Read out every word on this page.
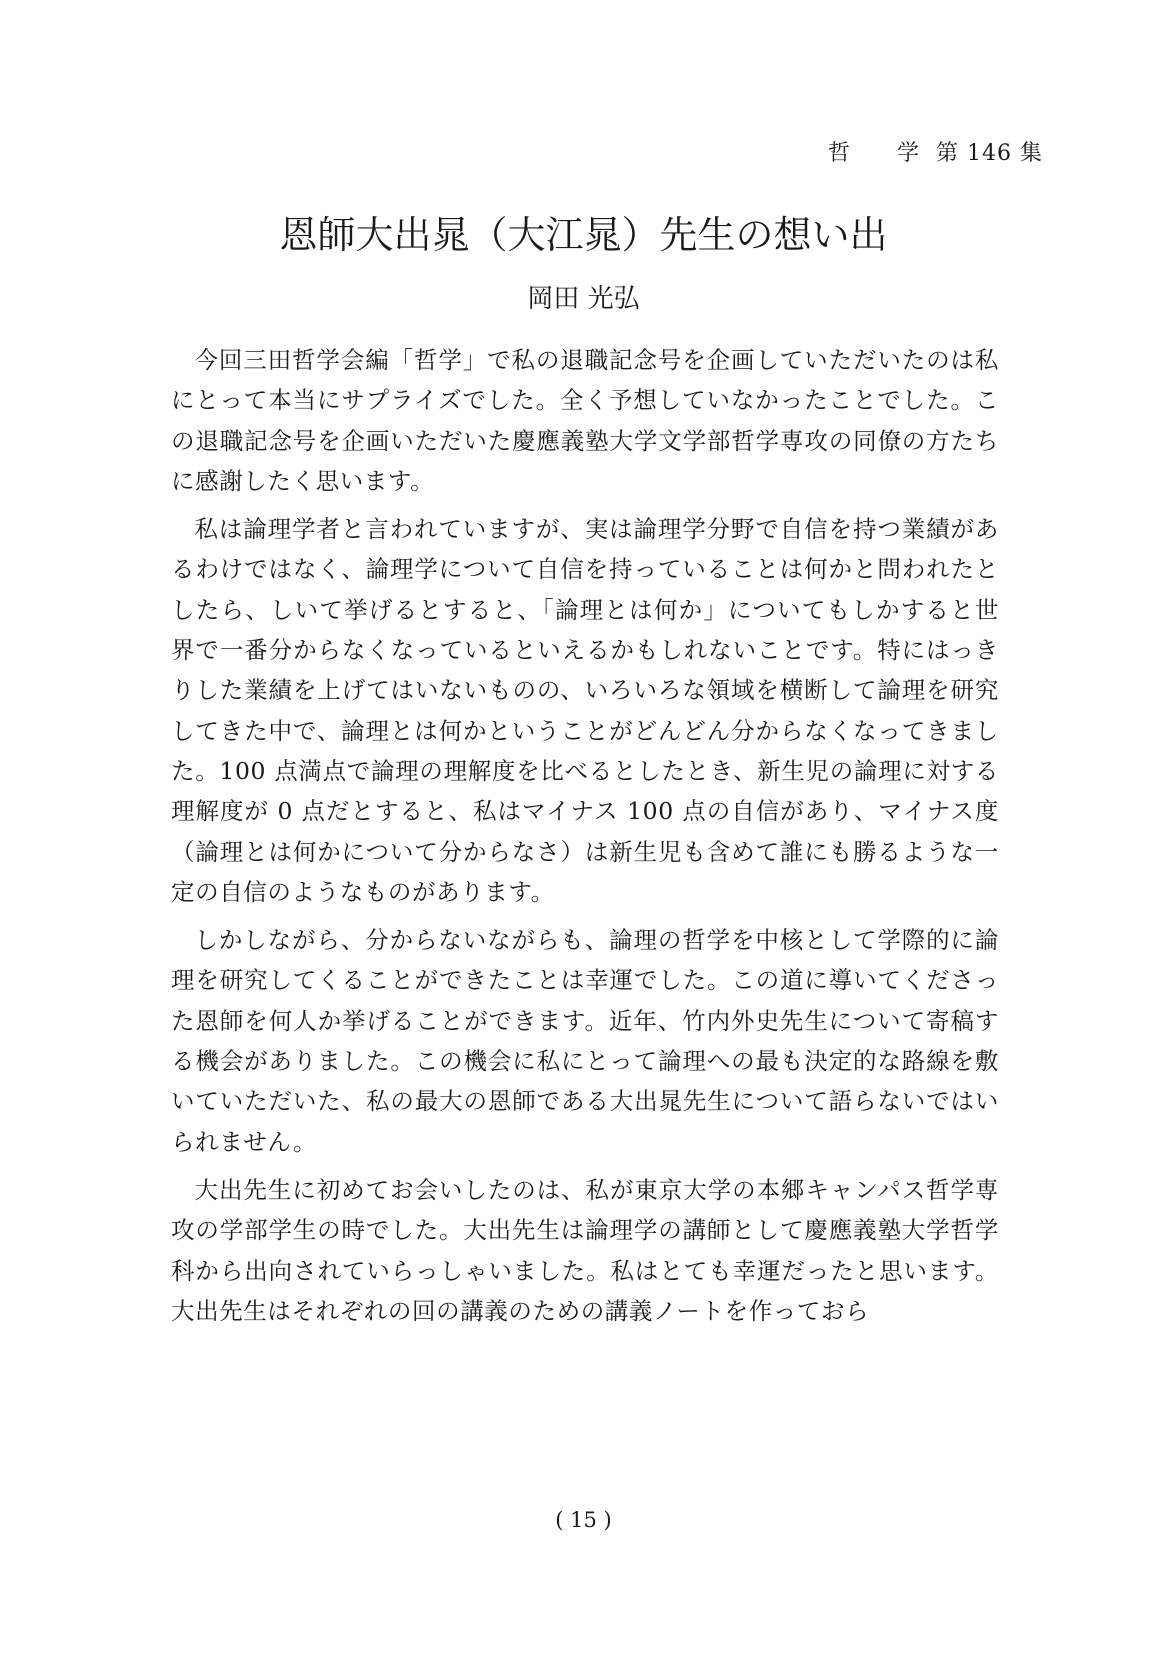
哲 学 第 146 集
恩師大出晁（大江晁）先生の想い出
岡田 光弘

今回三田哲学会編「哲学」で私の退職記念号を企画していただいたのは私にとって本当にサプライズでした。全く予想していなかったことでした。この退職記念号を企画いただいた慶應義塾大学文学部哲学専攻の同僚の方たちに感謝したく思います。

私は論理学者と言われていますが、実は論理学分野で自信を持つ業績があるわけではなく、論理学について自信を持っていることは何かと問われたとしたら、しいて挙げるとすると、「論理とは何か」についてもしかすると世界で一番分からなくなっているといえるかもしれないことです。特にはっきりした業績を上げてはいないものの、いろいろな領域を横断して論理を研究してきた中で、論理とは何かということがどんどん分からなくなってきました。100 点満点で論理の理解度を比べるとしたとき、新生児の論理に対する理解度が 0 点だとすると、私はマイナス 100 点の自信があり、マイナス度（論理とは何かについて分からなさ）は新生児も含めて誰にも勝るような一定の自信のようなものがあります。

しかしながら、分からないながらも、論理の哲学を中核として学際的に論理を研究してくることができたことは幸運でした。この道に導いてくださった恩師を何人か挙げることができます。近年、竹内外史先生について寄稿する機会がありました。この機会に私にとって論理への最も決定的な路線を敷いていただいた、私の最大の恩師である大出晁先生について語らないではいられません。

大出先生に初めてお会いしたのは、私が東京大学の本郷キャンパス哲学専攻の学部学生の時でした。大出先生は論理学の講師として慶應義塾大学哲学科から出向されていらっしゃいました。私はとても幸運だったと思います。大出先生はそれぞれの回の講義のための講義ノートを作っておら

( 15 )
